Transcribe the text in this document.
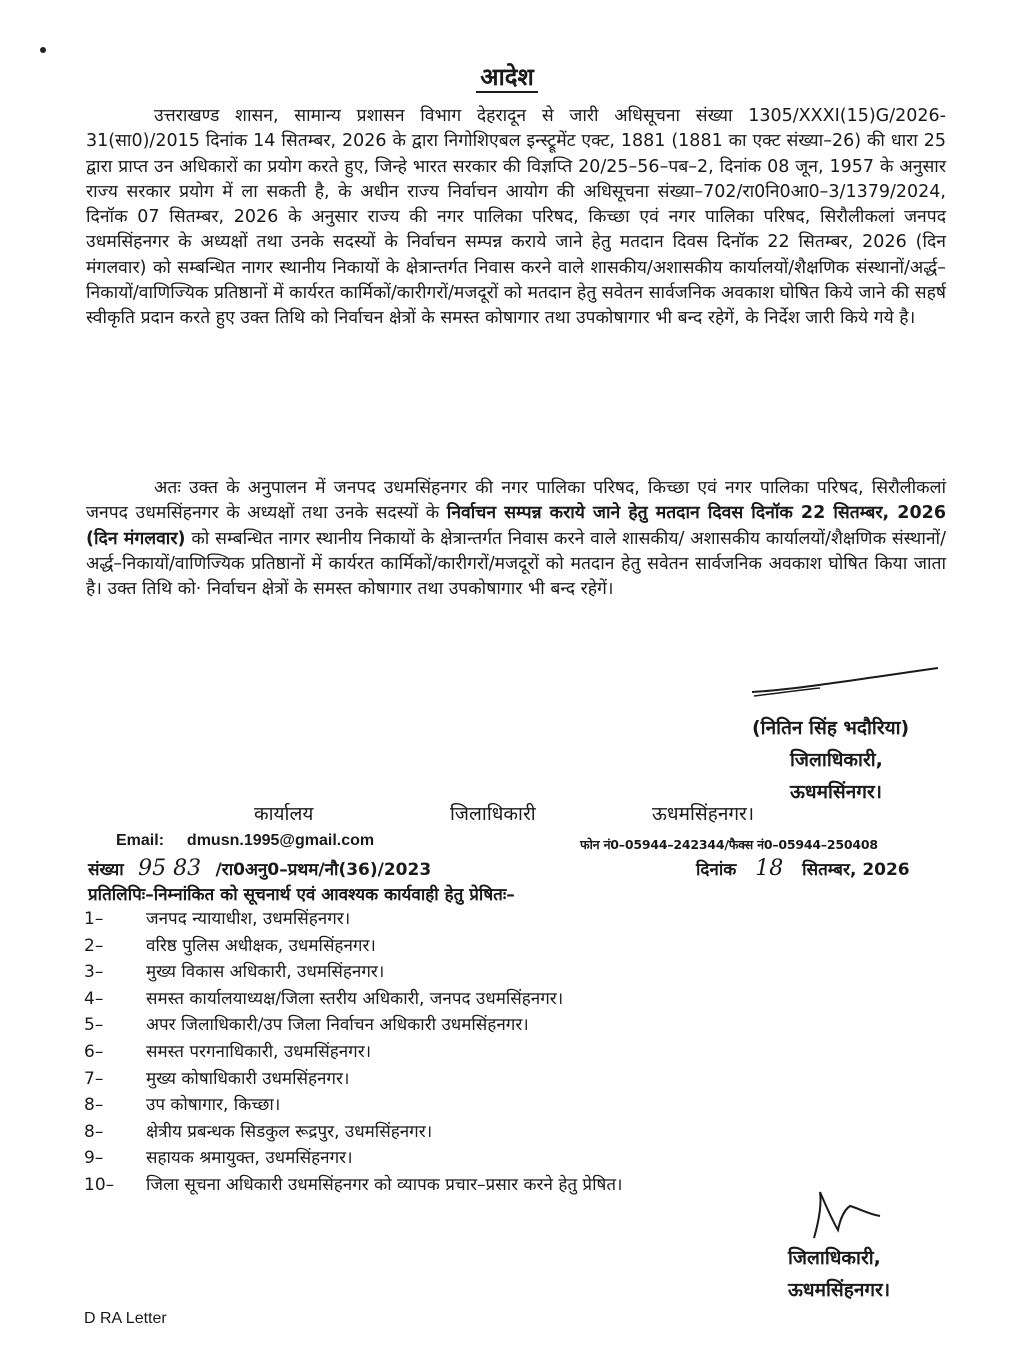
आदेश
उत्तराखण्ड शासन, सामान्य प्रशासन विभाग देहरादून से जारी अधिसूचना संख्या 1305/XXXI(15)G/2026-31(सा0)/2015 दिनांक 14 सितम्बर, 2026 के द्वारा निगोशिएबल इन्स्ट्रूमेंट एक्ट, 1881 (1881 का एक्ट संख्या–26) की धारा 25 द्वारा प्राप्त उन अधिकारों का प्रयोग करते हुए, जिन्हे भारत सरकार की विज्ञप्ति 20/25–56–पब–2, दिनांक 08 जून, 1957 के अनुसार राज्य सरकार प्रयोग में ला सकती है, के अधीन राज्य निर्वाचन आयोग की अधिसूचना संख्या–702/रा0नि0आ0–3/1379/2024, दिनॉक 07 सितम्बर, 2026 के अनुसार राज्य की नगर पालिका परिषद, किच्छा एवं नगर पालिका परिषद, सिरौलीकलां जनपद उधमसिंहनगर के अध्यक्षों तथा उनके सदस्यों के निर्वाचन सम्पन्न कराये जाने हेतु मतदान दिवस दिनॉक 22 सितम्बर, 2026 (दिन मंगलवार) को सम्बन्धित नागर स्थानीय निकायों के क्षेत्रान्तर्गत निवास करने वाले शासकीय/अशासकीय कार्यालयों/शैक्षणिक संस्थानों/अर्द्ध–निकायों/वाणिज्यिक प्रतिष्ठानों में कार्यरत कार्मिकों/कारीगरों/मजदूरों को मतदान हेतु सवेतन सार्वजनिक अवकाश घोषित किये जाने की सहर्ष स्वीकृति प्रदान करते हुए उक्त तिथि को निर्वाचन क्षेत्रों के समस्त कोषागार तथा उपकोषागार भी बन्द रहेगें, के निर्देश जारी किये गये है।
अतः उक्त के अनुपालन में जनपद उधमसिंहनगर की नगर पालिका परिषद, किच्छा एवं नगर पालिका परिषद, सिरौलीकलां जनपद उधमसिंहनगर के अध्यक्षों तथा उनके सदस्यों के निर्वाचन सम्पन्न कराये जाने हेतु मतदान दिवस दिनॉक 22 सितम्बर, 2026 (दिन मंगलवार) को सम्बन्धित नागर स्थानीय निकायों के क्षेत्रान्तर्गत निवास करने वाले शासकीय/ अशासकीय कार्यालयों/शैक्षणिक संस्थानों/अर्द्ध–निकायों/वाणिज्यिक प्रतिष्ठानों में कार्यरत कार्मिकों/कारीगरों/मजदूरों को मतदान हेतु सवेतन सार्वजनिक अवकाश घोषित किया जाता है। उक्त तिथि को· निर्वाचन क्षेत्रों के समस्त कोषागार तथा उपकोषागार भी बन्द रहेगें।
(नितिन सिंह भदौरिया)
जिलाधिकारी,
ऊधमसिंनगर।
कार्यालय	जिलाधिकारी	ऊधमसिंहनगर।
Email: dmusn.1995@gmail.com	फोन नं0–05944–242344/फैक्स नं0–05944–250408
संख्या 95 83 /रा0अनु0–प्रथम/नौ(36)/2023	दिनांक 18 सितम्बर, 2026
प्रतिलिपिः–निम्नांकित को सूचनार्थ एवं आवश्यक कार्यवाही हेतु प्रेषितः–
1–	जनपद न्यायाधीश, उधमसिंहनगर।
2–	वरिष्ठ पुलिस अधीक्षक, उधमसिंहनगर।
3–	मुख्य विकास अधिकारी, उधमसिंहनगर।
4–	समस्त कार्यालयाध्यक्ष/जिला स्तरीय अधिकारी, जनपद उधमसिंहनगर।
5–	अपर जिलाधिकारी/उप जिला निर्वाचन अधिकारी उधमसिंहनगर।
6–	समस्त परगनाधिकारी, उधमसिंहनगर।
7–	मुख्य कोषाधिकारी उधमसिंहनगर।
8–	उप कोषागार, किच्छा।
8–	क्षेत्रीय प्रबन्धक सिडकुल रूद्रपुर, उधमसिंहनगर।
9–	सहायक श्रमायुक्त, उधमसिंहनगर।
10– जिला सूचना अधिकारी उधमसिंहनगर को व्यापक प्रचार–प्रसार करने हेतु प्रेषित।
जिलाधिकारी,
ऊधमसिंहनगर।
D RA Letter
